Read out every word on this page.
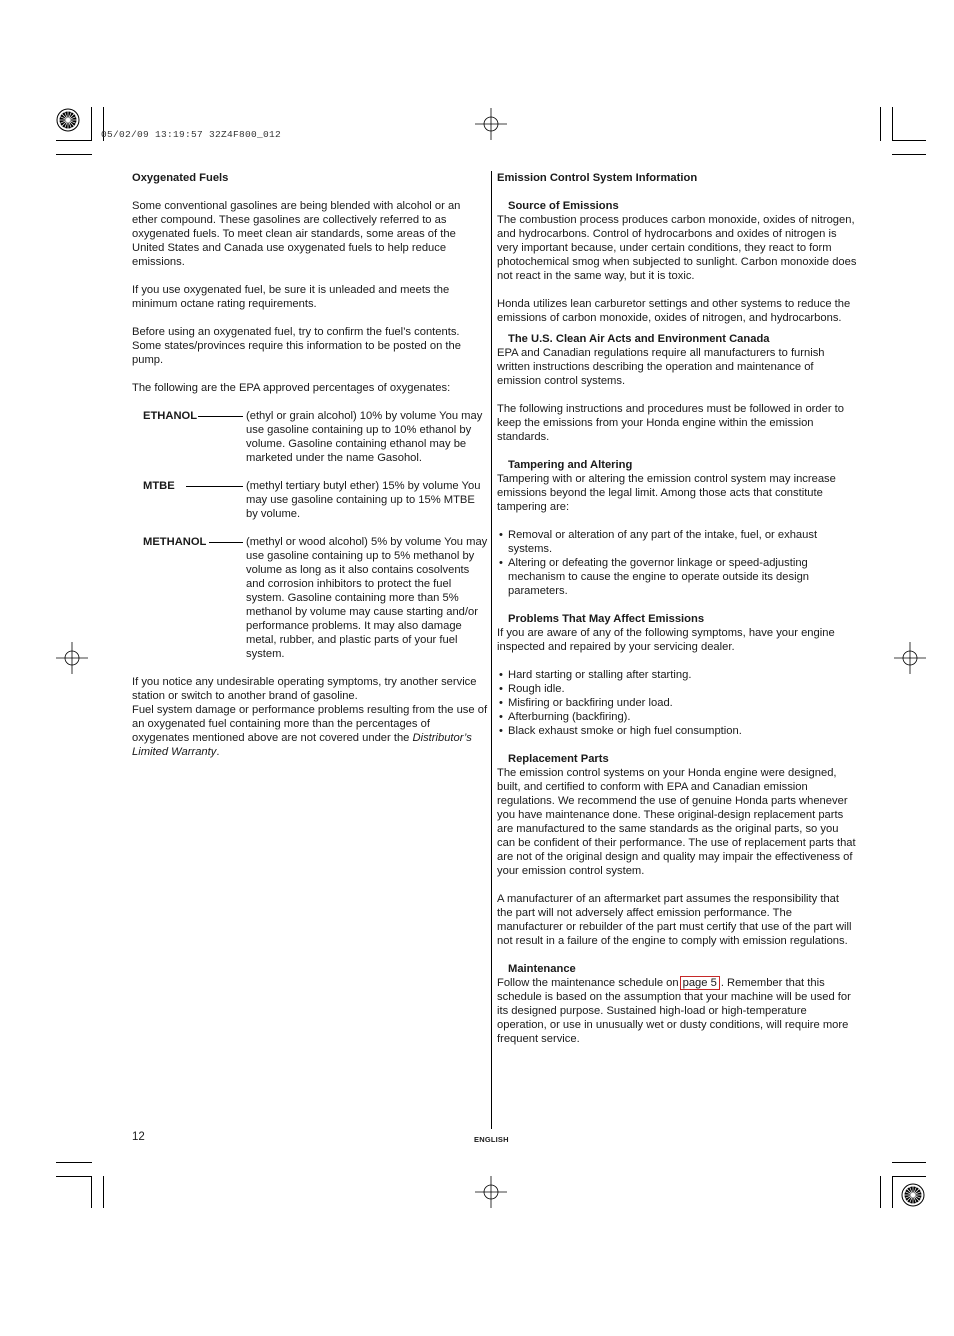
05/02/09 13:19:57 32Z4F800_012

Oxygenated Fuels

Some conventional gasolines are being blended with alcohol or an ether compound. These gasolines are collectively referred to as oxygenated fuels. To meet clean air standards, some areas of the United States and Canada use oxygenated fuels to help reduce emissions.

If you use oxygenated fuel, be sure it is unleaded and meets the minimum octane rating requirements.

Before using an oxygenated fuel, try to confirm the fuel’s contents. Some states/provinces require this information to be posted on the pump.

The following are the EPA approved percentages of oxygenates:

ETHANOL	(ethyl or grain alcohol) 10% by volume You may use gasoline containing up to 10% ethanol by volume. Gasoline containing ethanol may be marketed under the name Gasohol.

MTBE	(methyl tertiary butyl ether) 15% by volume You may use gasoline containing up to 15% MTBE by volume.

METHANOL	(methyl or wood alcohol) 5% by volume You may use gasoline containing up to 5% methanol by volume as long as it also contains cosolvents and corrosion inhibitors to protect the fuel system. Gasoline containing more than 5% methanol by volume may cause starting and/or performance problems. It may also damage metal, rubber, and plastic parts of your fuel system.

If you notice any undesirable operating symptoms, try another service station or switch to another brand of gasoline.

Fuel system damage or performance problems resulting from the use of an oxygenated fuel containing more than the percentages of oxygenates mentioned above are not covered under the Distributor’s Limited Warranty.

Emission Control System Information

Source of Emissions

The combustion process produces carbon monoxide, oxides of nitrogen, and hydrocarbons. Control of hydrocarbons and oxides of nitrogen is very important because, under certain conditions, they react to form photochemical smog when subjected to sunlight. Carbon monoxide does not react in the same way, but it is toxic.

Honda utilizes lean carburetor settings and other systems to reduce the emissions of carbon monoxide, oxides of nitrogen, and hydrocarbons.

The U.S. Clean Air Acts and Environment Canada

EPA and Canadian regulations require all manufacturers to furnish written instructions describing the operation and maintenance of emission control systems.

The following instructions and procedures must be followed in order to keep the emissions from your Honda engine within the emission standards.

Tampering and Altering

Tampering with or altering the emission control system may increase emissions beyond the legal limit. Among those acts that constitute tampering are:

• Removal or alteration of any part of the intake, fuel, or exhaust systems.
• Altering or defeating the governor linkage or speed-adjusting mechanism to cause the engine to operate outside its design parameters.

Problems That May Affect Emissions

If you are aware of any of the following symptoms, have your engine inspected and repaired by your servicing dealer.

• Hard starting or stalling after starting.
• Rough idle.
• Misfiring or backfiring under load.
• Afterburning (backfiring).
• Black exhaust smoke or high fuel consumption.

Replacement Parts

The emission control systems on your Honda engine were designed, built, and certified to conform with EPA and Canadian emission regulations. We recommend the use of genuine Honda parts whenever you have maintenance done. These original-design replacement parts are manufactured to the same standards as the original parts, so you can be confident of their performance. The use of replacement parts that are not of the original design and quality may impair the effectiveness of your emission control system.

A manufacturer of an aftermarket part assumes the responsibility that the part will not adversely affect emission performance. The manufacturer or rebuilder of the part must certify that use of the part will not result in a failure of the engine to comply with emission regulations.

Maintenance

Follow the maintenance schedule on page 5 . Remember that this schedule is based on the assumption that your machine will be used for its designed purpose. Sustained high-load or high-temperature operation, or use in unusually wet or dusty conditions, will require more frequent service.

12	ENGLISH
